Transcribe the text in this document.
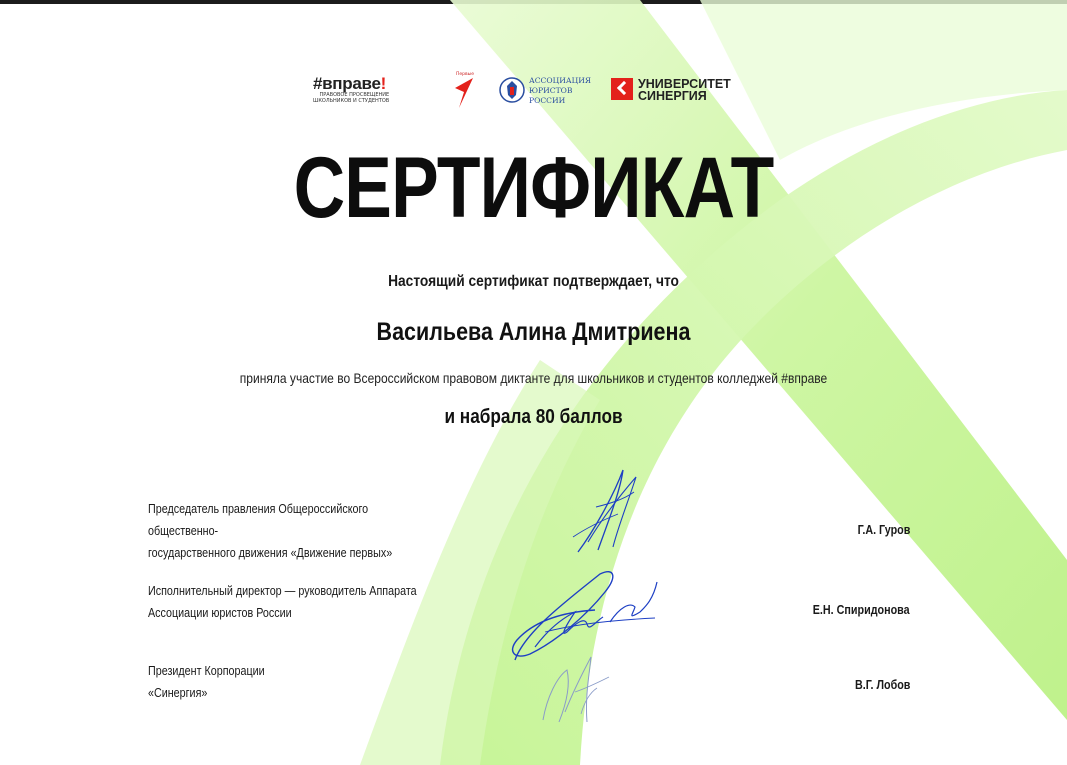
#вправе!
ПРАВОВОЕ ПРОСВЕЩЕНИЕ
ШКОЛЬНИКОВ И СТУДЕНТОВ
Первые
АССОЦИАЦИЯ
ЮРИСТОВ
РОССИИ
УНИВЕРСИТЕТ
СИНЕРГИЯ
СЕРТИФИКАТ
Настоящий сертификат подтверждает, что
Васильева Алина Дмитриена
приняла участие во Всероссийском правовом диктанте для школьников и студентов колледжей #вправе
и набрала 80 баллов
Председатель правления Общероссийского общественно-
государственного движения «Движение первых»
Г.А. Гуров
Исполнительный директор — руководитель Аппарата
Ассоциации юристов России	Е.Н. Спиридонова
Президент Корпорации
«Синергия»
В.Г. Лобов
